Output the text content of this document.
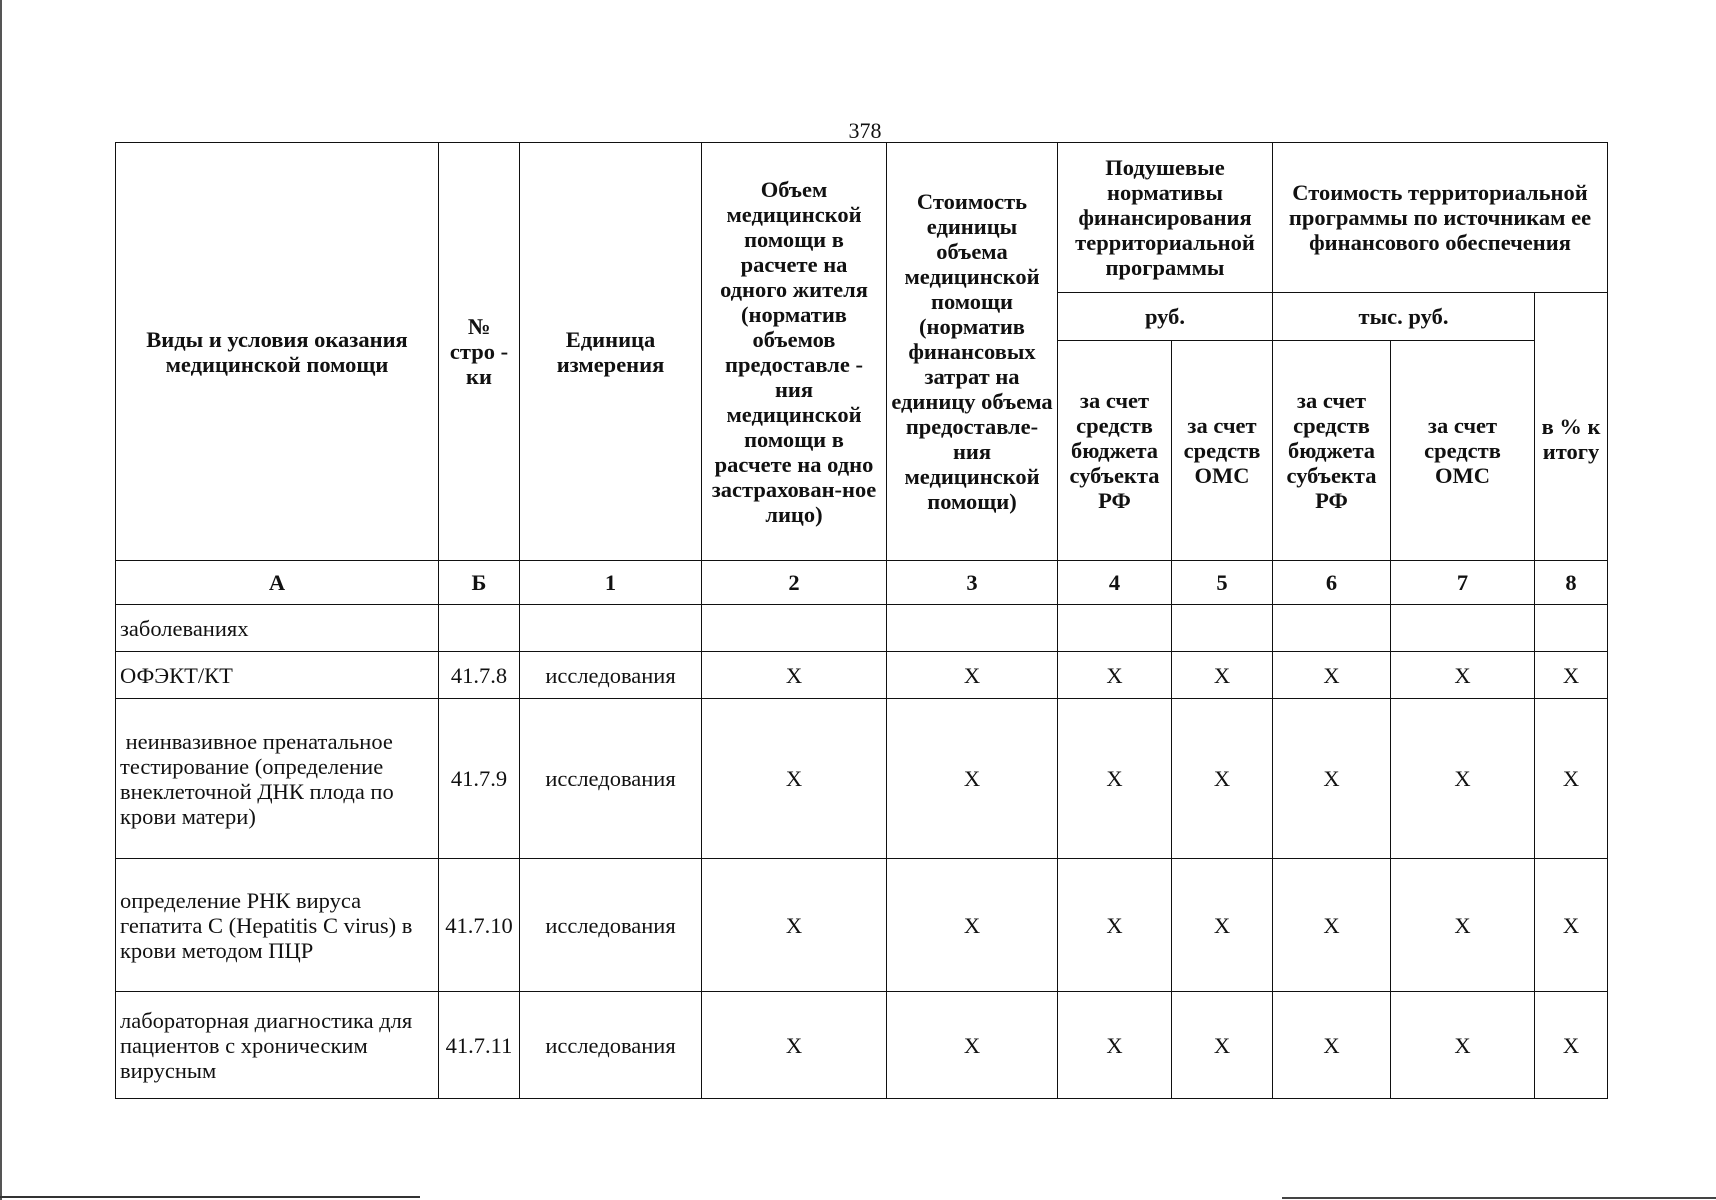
378
Виды и условия оказания медицинской помощи	№ стро - ки	Единица измерения	Объем медицинской помощи в расчете на одного жителя (норматив объемов предоставле - ния медицинской помощи в расчете на одно застрахован-ное лицо)	Стоимость единицы объема медицинской помощи (норматив финансовых затрат на единицу объема предоставле-ния медицинской помощи)	Подушевые нормативы финансирования территориальной программы		Стоимость территориальной программы по источникам ее финансового обеспечения		
					руб.		тыс. руб.		в % к итогу
					за счет средств бюджета субъекта РФ	за счет средств ОМС	за счет средств бюджета субъекта РФ	за счет средств ОМС	
А	Б	1	2	3	4	5	6	7	8
заболеваниях									
ОФЭКТ/КТ	41.7.8	исследования	X	X	X	X	X	X	X
неинвазивное пренатальное тестирование (определение внеклеточной ДНК плода по крови матери)	41.7.9	исследования	X	X	X	X	X	X	X
определение РНК вируса гепатита С (Hepatitis C virus) в крови методом ПЦР	41.7.10	исследования	X	X	X	X	X	X	X
лабораторная диагностика для пациентов с хроническим вирусным	41.7.11	исследования	X	X	X	X	X	X	X
